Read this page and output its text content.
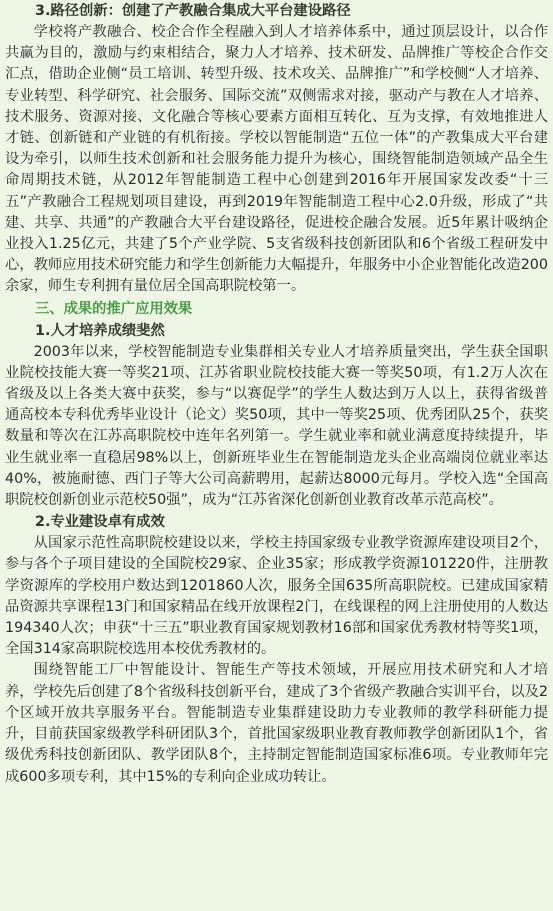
3.路径创新：创建了产教融合集成大平台建设路径

学校将产教融合、校企合作全程融入到人才培养体系中，通过顶层设计，以合作共赢为目的，激励与约束相结合，聚力人才培养、技术研发、品牌推广等校企合作交汇点，借助企业侧“员工培训、转型升级、技术攻关、品牌推广”和学校侧“人才培养、专业转型、科学研究、社会服务、国际交流”双侧需求对接，驱动产与教在人才培养、技术服务、资源对接、文化融合等核心要素方面相互转化、互为支撑，有效地推进人才链、创新链和产业链的有机衔接。学校以智能制造“五位一体”的产教集成大平台建设为牵引，以师生技术创新和社会服务能力提升为核心，围绕智能制造领域产品全生命周期技术链，从2012年智能制造工程中心创建到2016年开展国家发改委“十三五”产教融合工程规划项目建设，再到2019年智能制造工程中心2.0升级，形成了“共建、共享、共通”的产教融合大平台建设路径，促进校企融合发展。近5年累计吸纳企业投入1.25亿元，共建了5个产业学院、5支省级科技创新团队和6个省级工程研发中心，教师应用技术研究能力和学生创新能力大幅提升，年服务中小企业智能化改造200余家，师生专利拥有量位居全国高职院校第一。

三、成果的推广应用效果

1.人才培养成绩斐然

2003年以来，学校智能制造专业集群相关专业人才培养质量突出，学生获全国职业院校技能大赛一等奖21项、江苏省职业院校技能大赛一等奖50项，有1.2万人次在省级及以上各类大赛中获奖，参与“以赛促学”的学生人数达到万人以上，获得省级普通高校本专科优秀毕业设计（论文）奖50项，其中一等奖25项、优秀团队25个，获奖数量和等次在江苏高职院校中连年名列第一。学生就业率和就业满意度持续提升，毕业生就业率一直稳居98%以上，创新班毕业生在智能制造龙头企业高端岗位就业率达40%，被施耐德、西门子等大公司高薪聘用，起薪达8000元每月。学校入选“全国高职院校创新创业示范校50强”，成为“江苏省深化创新创业教育改革示范高校”。

2.专业建设卓有成效

从国家示范性高职院校建设以来，学校主持国家级专业教学资源库建设项目2个，参与各个子项目建设的全国院校29家、企业35家；形成教学资源101220件，注册教学资源库的学校用户数达到1201860人次，服务全国635所高职院校。已建成国家精品资源共享课程13门和国家精品在线开放课程2门，在线课程的网上注册使用的人数达194340人次；申获“十三五”职业教育国家规划教材16部和国家优秀教材特等奖1项，全国314家高职院校选用本校优秀教材的。

围绕智能工厂中智能设计、智能生产等技术领域，开展应用技术研究和人才培养，学校先后创建了8个省级科技创新平台，建成了3个省级产教融合实训平台，以及2个区域开放共享服务平台。智能制造专业集群建设助力专业教师的教学科研能力提升，目前获国家级教学科研团队3个，首批国家级职业教育教师教学创新团队1个，省级优秀科技创新团队、教学团队8个，主持制定智能制造国家标准6项。专业教师年完成600多项专利，其中15%的专利向企业成功转让。
